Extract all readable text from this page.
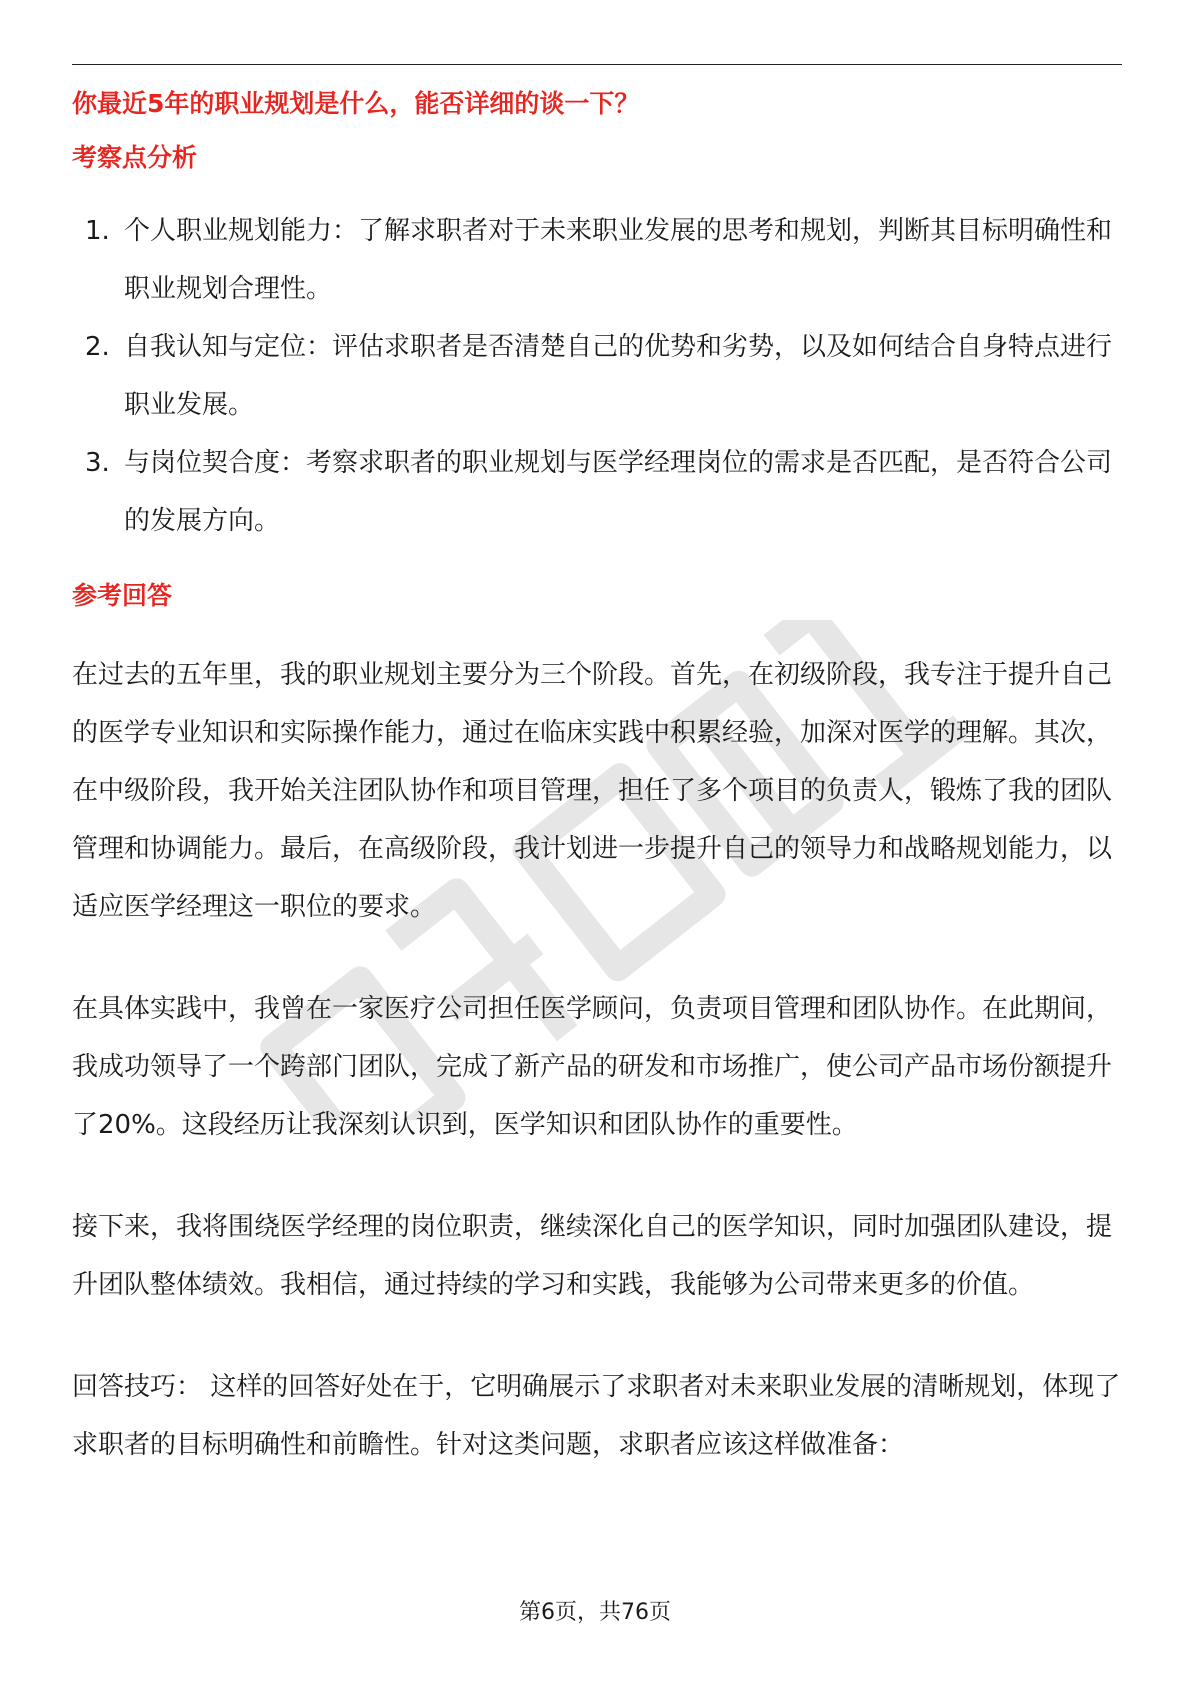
你最近5年的职业规划是什么，能否详细的谈一下？

考察点分析

1. 个人职业规划能力：了解求职者对于未来职业发展的思考和规划，判断其目标明确性和职业规划合理性。
2. 自我认知与定位：评估求职者是否清楚自己的优势和劣势，以及如何结合自身特点进行职业发展。
3. 与岗位契合度：考察求职者的职业规划与医学经理岗位的需求是否匹配，是否符合公司的发展方向。

参考回答

在过去的五年里，我的职业规划主要分为三个阶段。首先，在初级阶段，我专注于提升自己的医学专业知识和实际操作能力，通过在临床实践中积累经验，加深对医学的理解。其次，在中级阶段，我开始关注团队协作和项目管理，担任了多个项目的负责人，锻炼了我的团队管理和协调能力。最后，在高级阶段，我计划进一步提升自己的领导力和战略规划能力，以适应医学经理这一职位的要求。

在具体实践中，我曾在一家医疗公司担任医学顾问，负责项目管理和团队协作。在此期间，我成功领导了一个跨部门团队，完成了新产品的研发和市场推广，使公司产品市场份额提升了20%。这段经历让我深刻认识到，医学知识和团队协作的重要性。

接下来，我将围绕医学经理的岗位职责，继续深化自己的医学知识，同时加强团队建设，提升团队整体绩效。我相信，通过持续的学习和实践，我能够为公司带来更多的价值。

回答技巧： 这样的回答好处在于，它明确展示了求职者对未来职业发展的清晰规划，体现了求职者的目标明确性和前瞻性。针对这类问题，求职者应该这样做准备：

第6页，共76页
